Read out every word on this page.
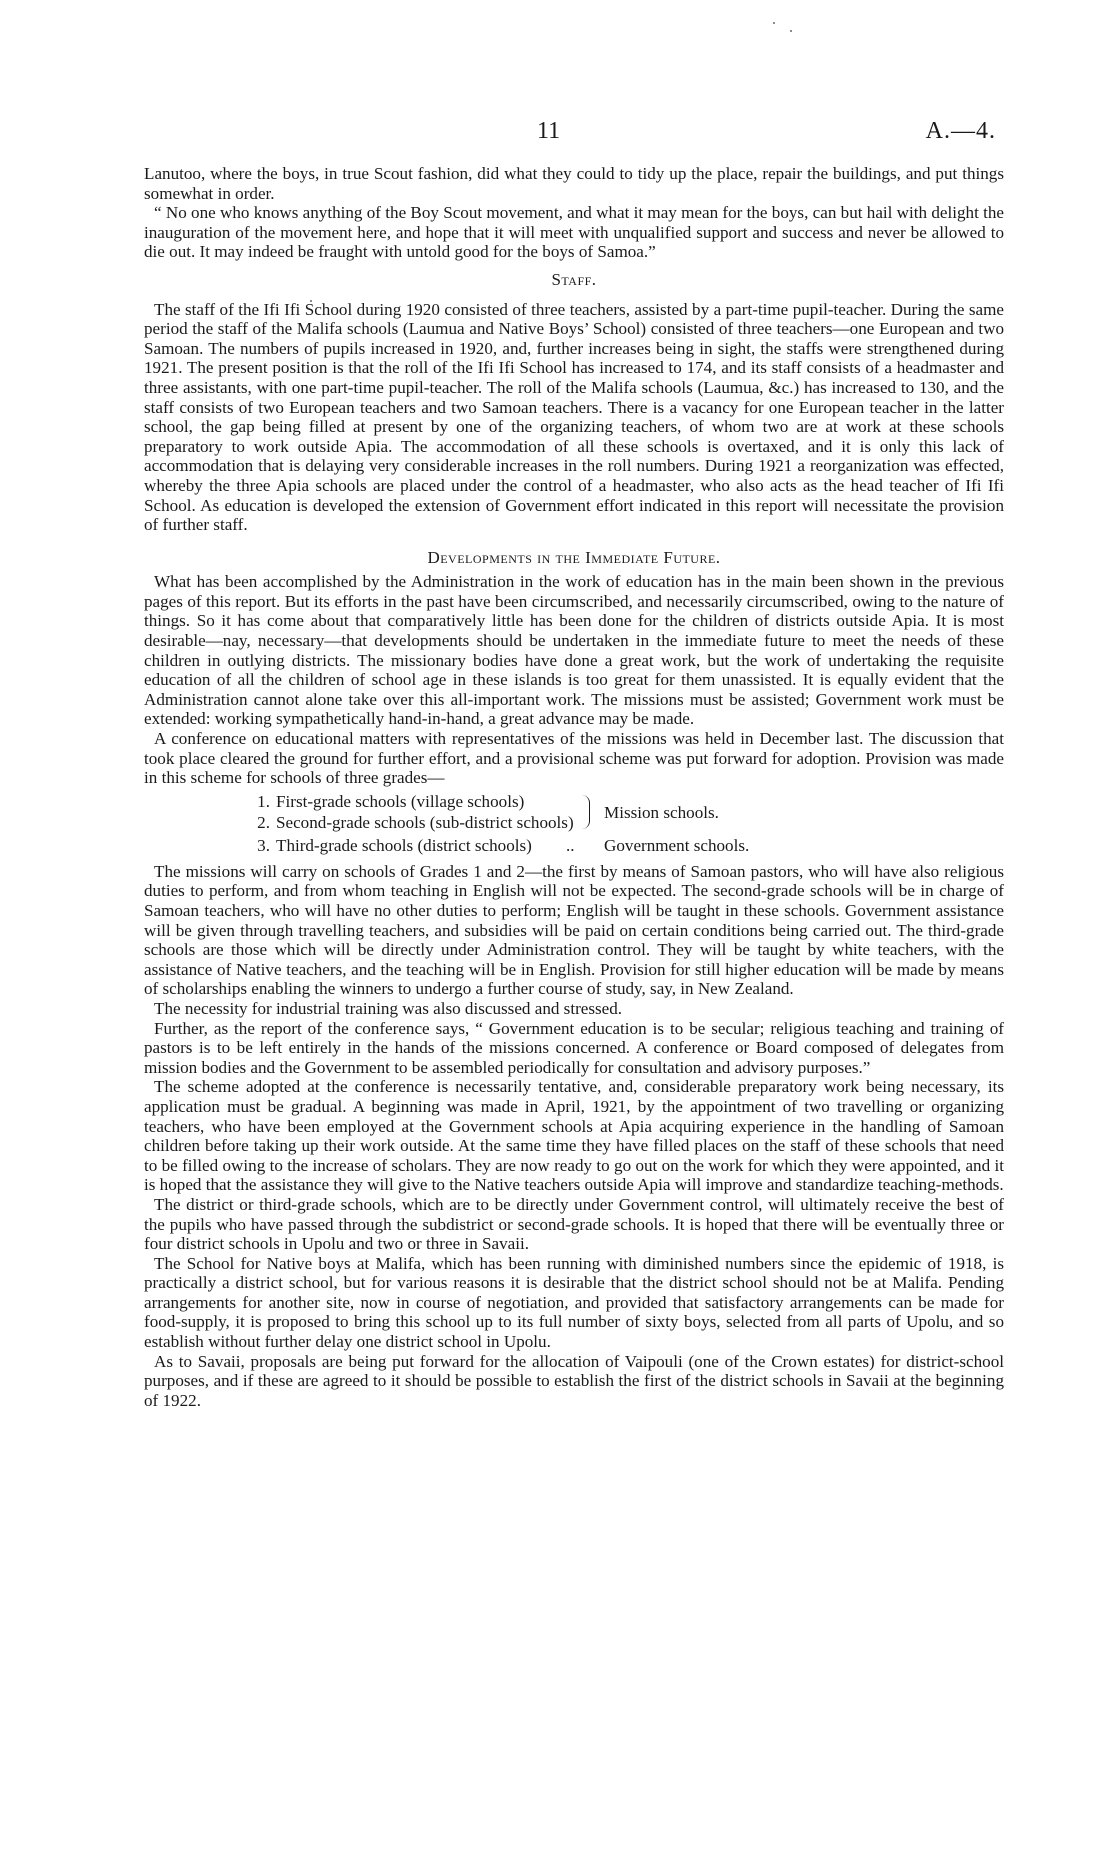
11	A.—4.

Lanutoo, where the boys, in true Scout fashion, did what they could to tidy up the place, repair the buildings, and put things somewhat in order.

“ No one who knows anything of the Boy Scout movement, and what it may mean for the boys, can but hail with delight the inauguration of the movement here, and hope that it will meet with unqualified support and success and never be allowed to die out. It may indeed be fraught with untold good for the boys of Samoa.”

Staff.

The staff of the Ifi Ifi School during 1920 consisted of three teachers, assisted by a part-time pupil-teacher. During the same period the staff of the Malifa schools (Laumua and Native Boys’ School) consisted of three teachers—one European and two Samoan. The numbers of pupils increased in 1920, and, further increases being in sight, the staffs were strengthened during 1921. The present position is that the roll of the Ifi Ifi School has increased to 174, and its staff consists of a headmaster and three assistants, with one part-time pupil-teacher. The roll of the Malifa schools (Laumua, &c.) has increased to 130, and the staff consists of two European teachers and two Samoan teachers. There is a vacancy for one European teacher in the latter school, the gap being filled at present by one of the organizing teachers, of whom two are at work at these schools preparatory to work outside Apia. The accommodation of all these schools is overtaxed, and it is only this lack of accommodation that is delaying very considerable increases in the roll numbers. During 1921 a reorganization was effected, whereby the three Apia schools are placed under the control of a headmaster, who also acts as the head teacher of Ifi Ifi School. As education is developed the extension of Government effort indicated in this report will necessitate the provision of further staff.

Developments in the Immediate Future.

What has been accomplished by the Administration in the work of education has in the main been shown in the previous pages of this report. But its efforts in the past have been circumscribed, and necessarily circumscribed, owing to the nature of things. So it has come about that comparatively little has been done for the children of districts outside Apia. It is most desirable—nay, necessary—that developments should be undertaken in the immediate future to meet the needs of these children in outlying districts. The missionary bodies have done a great work, but the work of undertaking the requisite education of all the children of school age in these islands is too great for them unassisted. It is equally evident that the Administration cannot alone take over this all-important work. The missions must be assisted; Government work must be extended: working sympathetically hand-in-hand, a great advance may be made.

A conference on educational matters with representatives of the missions was held in December last. The discussion that took place cleared the ground for further effort, and a provisional scheme was put forward for adoption. Provision was made in this scheme for schools of three grades—

1. First-grade schools (village schools)
2. Second-grade schools (sub-district schools)
3. Third-grade schools (district schools)
Mission schools.
.. Government schools.

The missions will carry on schools of Grades 1 and 2—the first by means of Samoan pastors, who will have also religious duties to perform, and from whom teaching in English will not be expected. The second-grade schools will be in charge of Samoan teachers, who will have no other duties to perform; English will be taught in these schools. Government assistance will be given through travelling teachers, and subsidies will be paid on certain conditions being carried out. The third-grade schools are those which will be directly under Administration control. They will be taught by white teachers, with the assistance of Native teachers, and the teaching will be in English. Provision for still higher education will be made by means of scholarships enabling the winners to undergo a further course of study, say, in New Zealand.

The necessity for industrial training was also discussed and stressed.

Further, as the report of the conference says, “ Government education is to be secular; religious teaching and training of pastors is to be left entirely in the hands of the missions concerned. A conference or Board composed of delegates from mission bodies and the Government to be assembled periodically for consultation and advisory purposes.”

The scheme adopted at the conference is necessarily tentative, and, considerable preparatory work being necessary, its application must be gradual. A beginning was made in April, 1921, by the appointment of two travelling or organizing teachers, who have been employed at the Government schools at Apia acquiring experience in the handling of Samoan children before taking up their work outside. At the same time they have filled places on the staff of these schools that need to be filled owing to the increase of scholars. They are now ready to go out on the work for which they were appointed, and it is hoped that the assistance they will give to the Native teachers outside Apia will improve and standardize teaching-methods.

The district or third-grade schools, which are to be directly under Government control, will ultimately receive the best of the pupils who have passed through the subdistrict or second-grade schools. It is hoped that there will be eventually three or four district schools in Upolu and two or three in Savaii.

The School for Native boys at Malifa, which has been running with diminished numbers since the epidemic of 1918, is practically a district school, but for various reasons it is desirable that the district school should not be at Malifa. Pending arrangements for another site, now in course of negotiation, and provided that satisfactory arrangements can be made for food-supply, it is proposed to bring this school up to its full number of sixty boys, selected from all parts of Upolu, and so establish without further delay one district school in Upolu.

As to Savaii, proposals are being put forward for the allocation of Vaipouli (one of the Crown estates) for district-school purposes, and if these are agreed to it should be possible to establish the first of the district schools in Savaii at the beginning of 1922.
